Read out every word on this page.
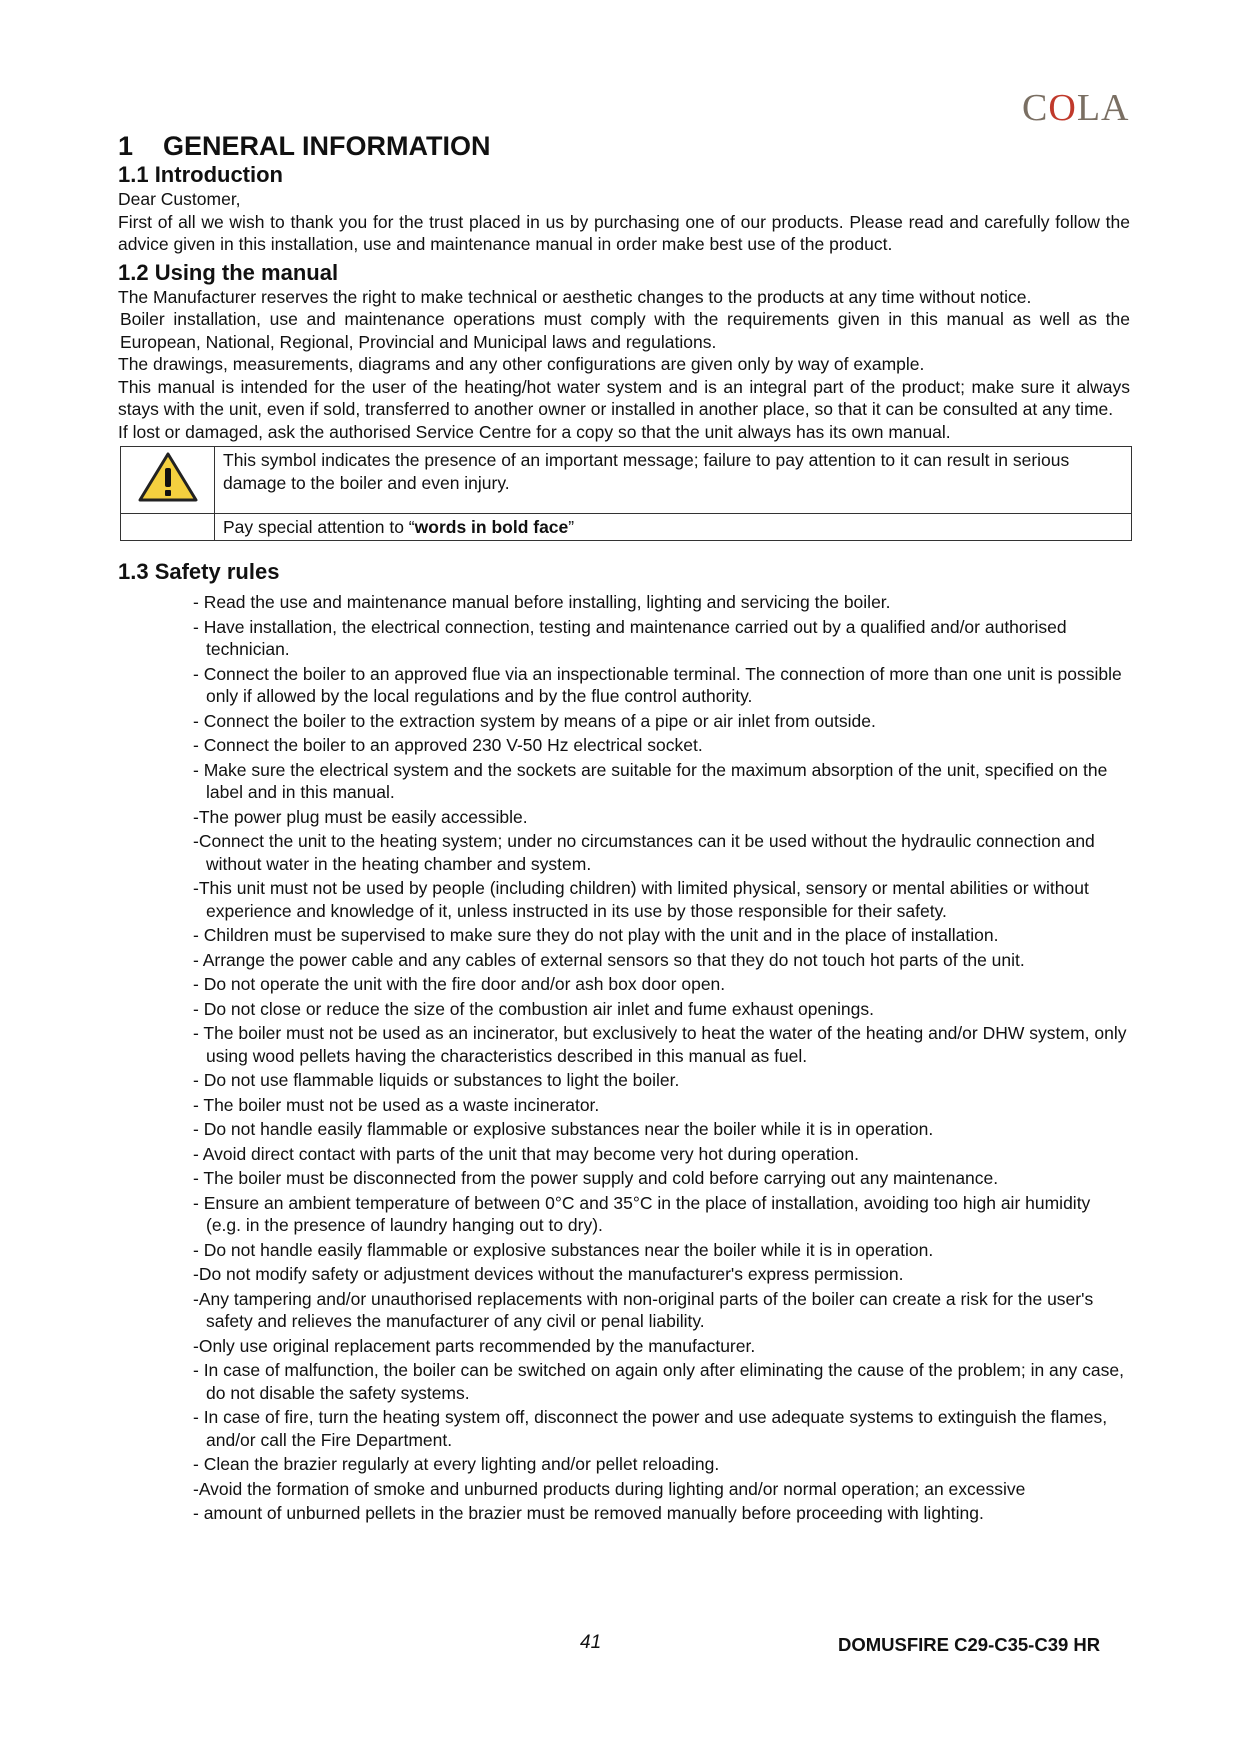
COLA
1 GENERAL INFORMATION
1.1 Introduction

Dear Customer,

First of all we wish to thank you for the trust placed in us by purchasing one of our products. Please read and carefully follow the advice given in this installation, use and maintenance manual in order make best use of the product.

1.2 Using the manual

The Manufacturer reserves the right to make technical or aesthetic changes to the products at any time without notice.

Boiler installation, use and maintenance operations must comply with the requirements given in this manual as well as the European, National, Regional, Provincial and Municipal laws and regulations.

The drawings, measurements, diagrams and any other configurations are given only by way of example.

This manual is intended for the user of the heating/hot water system and is an integral part of the product; make sure it always stays with the unit, even if sold, transferred to another owner or installed in another place, so that it can be consulted at any time.

If lost or damaged, ask the authorised Service Centre for a copy so that the unit always has its own manual.

	This symbol indicates the presence of an important message; failure to pay attention to it can result in serious damage to the boiler and even injury.
	Pay special attention to “words in bold face”
1.3 Safety rules
- Read the use and maintenance manual before installing, lighting and servicing the boiler.
- Have installation, the electrical connection, testing and maintenance carried out by a qualified and/or authorised technician.
- Connect the boiler to an approved flue via an inspectionable terminal. The connection of more than one unit is possible only if allowed by the local regulations and by the flue control authority.
- Connect the boiler to the extraction system by means of a pipe or air inlet from outside.
- Connect the boiler to an approved 230 V-50 Hz electrical socket.
- Make sure the electrical system and the sockets are suitable for the maximum absorption of the unit, specified on the label and in this manual.
-The power plug must be easily accessible.
-Connect the unit to the heating system; under no circumstances can it be used without the hydraulic connection and without water in the heating chamber and system.
-This unit must not be used by people (including children) with limited physical, sensory or mental abilities or without experience and knowledge of it, unless instructed in its use by those responsible for their safety.
- Children must be supervised to make sure they do not play with the unit and in the place of installation.
- Arrange the power cable and any cables of external sensors so that they do not touch hot parts of the unit.
- Do not operate the unit with the fire door and/or ash box door open.
- Do not close or reduce the size of the combustion air inlet and fume exhaust openings.
- The boiler must not be used as an incinerator, but exclusively to heat the water of the heating and/or DHW system, only using wood pellets having the characteristics described in this manual as fuel.
- Do not use flammable liquids or substances to light the boiler.
- The boiler must not be used as a waste incinerator.
- Do not handle easily flammable or explosive substances near the boiler while it is in operation.
- Avoid direct contact with parts of the unit that may become very hot during operation.
- The boiler must be disconnected from the power supply and cold before carrying out any maintenance.
- Ensure an ambient temperature of between 0°C and 35°C in the place of installation, avoiding too high air humidity (e.g. in the presence of laundry hanging out to dry).
- Do not handle easily flammable or explosive substances near the boiler while it is in operation.
-Do not modify safety or adjustment devices without the manufacturer's express permission.
-Any tampering and/or unauthorised replacements with non-original parts of the boiler can create a risk for the user's safety and relieves the manufacturer of any civil or penal liability.
-Only use original replacement parts recommended by the manufacturer.
- In case of malfunction, the boiler can be switched on again only after eliminating the cause of the problem; in any case, do not disable the safety systems.
- In case of fire, turn the heating system off, disconnect the power and use adequate systems to extinguish the flames, and/or call the Fire Department.
- Clean the brazier regularly at every lighting and/or pellet reloading.
-Avoid the formation of smoke and unburned products during lighting and/or normal operation; an excessive
- amount of unburned pellets in the brazier must be removed manually before proceeding with lighting.
41	DOMUSFIRE C29-C35-C39 HR
